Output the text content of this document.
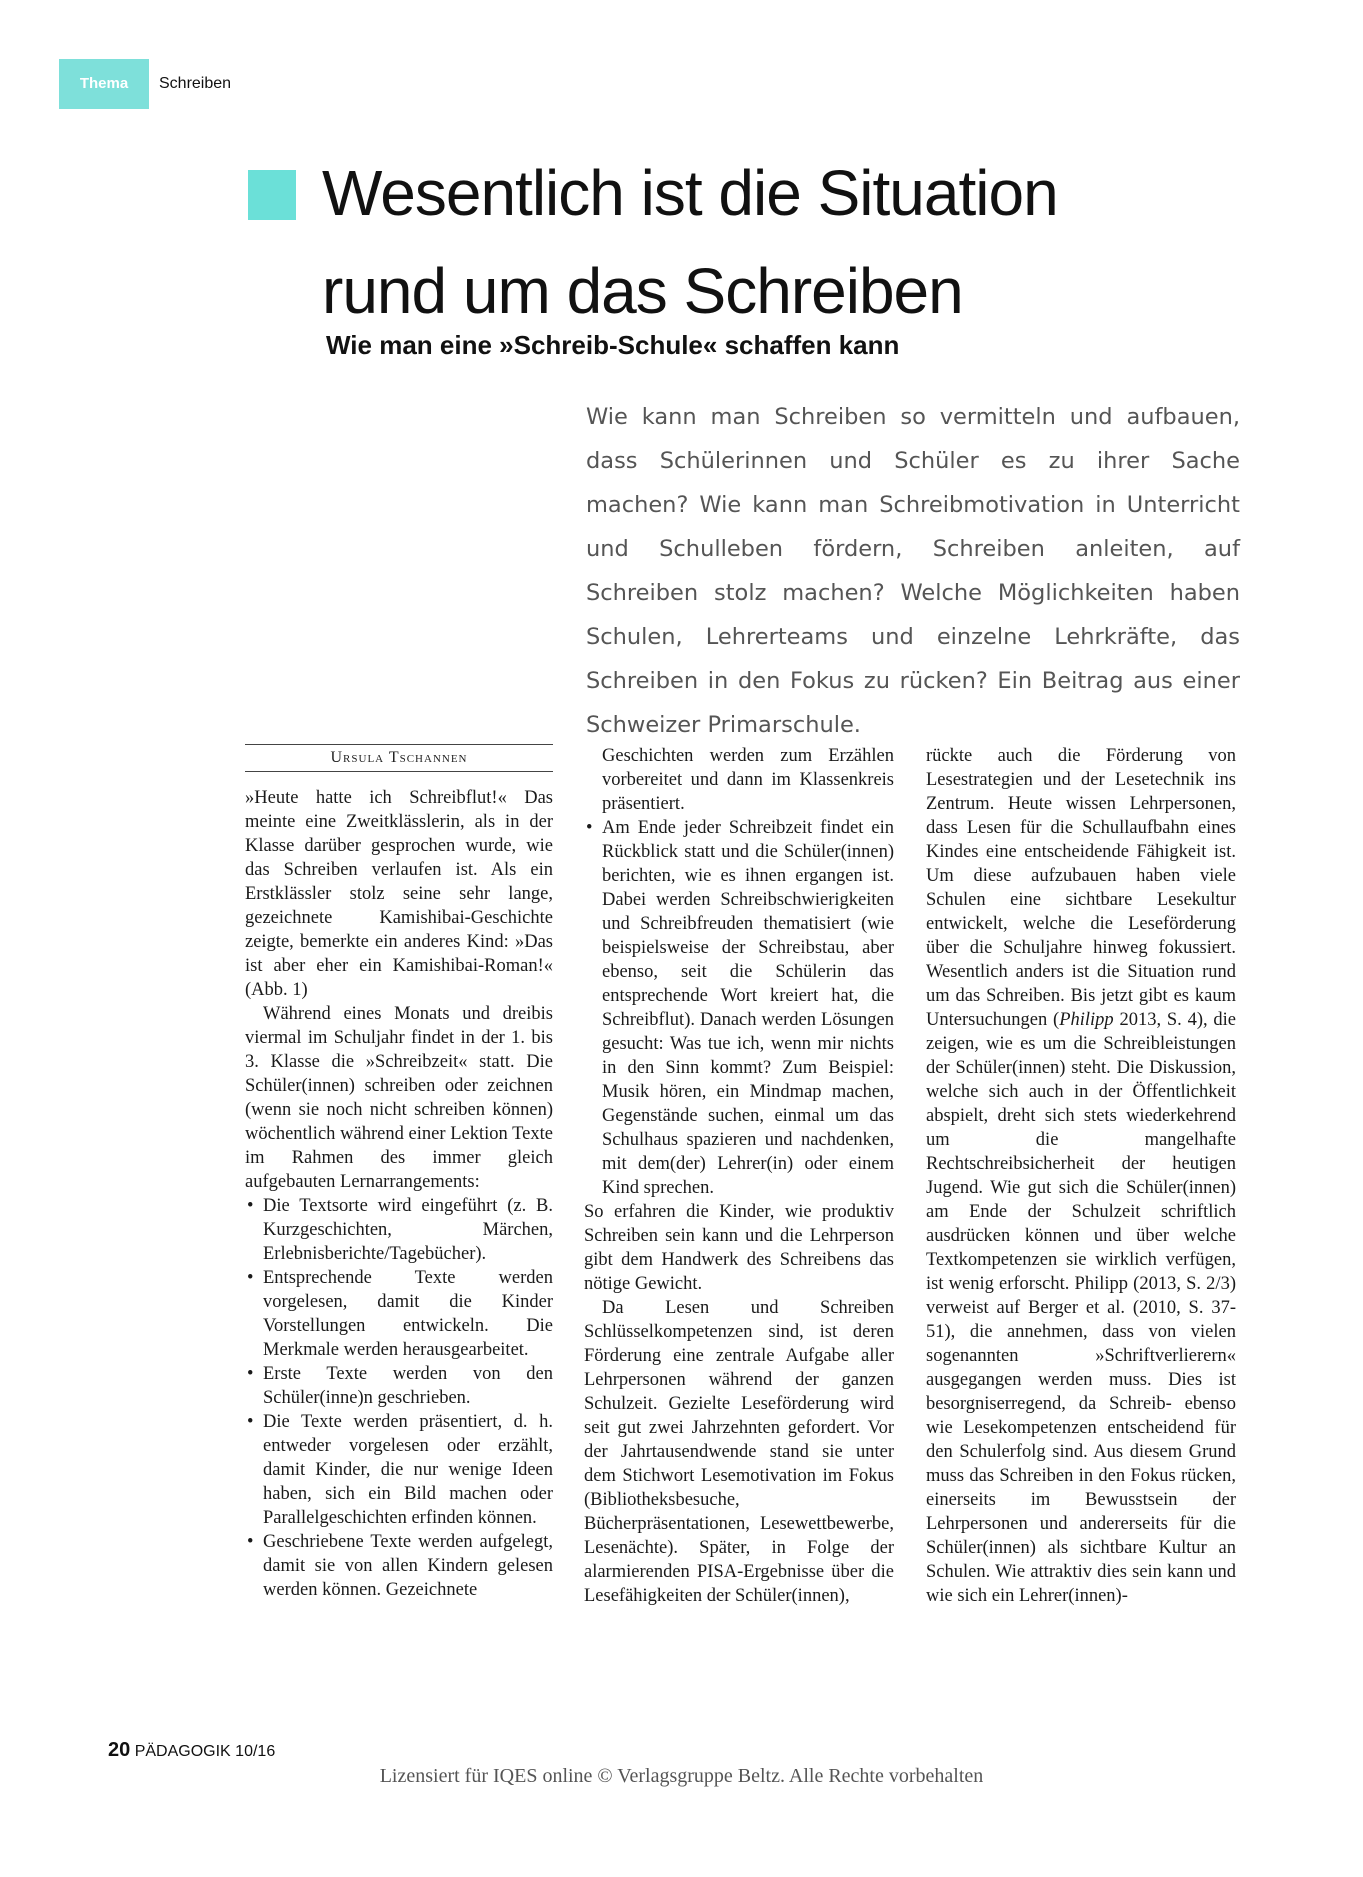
Thema	Schreiben
Wesentlich ist die Situation
rund um das Schreiben
Wie man eine »Schreib-Schule« schaffen kann
Wie kann man Schreiben so vermitteln und aufbauen, dass Schülerinnen und Schüler es zu ihrer Sache machen? Wie kann man Schreibmotivation in Unterricht und Schulleben fördern, Schreiben anleiten, auf Schreiben stolz machen? Welche Möglichkeiten haben Schulen, Lehrerteams und einzelne Lehrkräfte, das Schreiben in den Fokus zu rücken? Ein Beitrag aus einer Schweizer Primarschule.
Ursula Tschannen

»Heute hatte ich Schreibflut!« Das meinte eine Zweitklässlerin, als in der Klasse darüber gesprochen wurde, wie das Schreiben verlaufen ist. Als ein Erstklässler stolz seine sehr lange, gezeichnete Kamishibai-Geschichte zeigte, bemerkte ein anderes Kind: »Das ist aber eher ein Kamishibai-Roman!« (Abb. 1)

Während eines Monats und dreibis viermal im Schuljahr findet in der 1. bis 3. Klasse die »Schreibzeit« statt. Die Schüler(innen) schreiben oder zeichnen (wenn sie noch nicht schreiben können) wöchentlich während einer Lektion Texte im Rahmen des immer gleich aufgebauten Lernarrangements:

• Die Textsorte wird eingeführt (z. B. Kurzgeschichten, Märchen, Erlebnisberichte/Tagebücher).
• Entsprechende Texte werden vorgelesen, damit die Kinder Vorstellungen entwickeln. Die Merkmale werden herausgearbeitet.
• Erste Texte werden von den Schüler(inne)n geschrieben.
• Die Texte werden präsentiert, d. h. entweder vorgelesen oder erzählt, damit Kinder, die nur wenige Ideen haben, sich ein Bild machen oder Parallelgeschichten erfinden können.
• Geschriebene Texte werden aufgelegt, damit sie von allen Kindern gelesen werden können. Gezeichnete

Geschichten werden zum Erzählen vorbereitet und dann im Klassenkreis präsentiert.

• Am Ende jeder Schreibzeit findet ein Rückblick statt und die Schüler(innen) berichten, wie es ihnen ergangen ist. Dabei werden Schreibschwierigkeiten und Schreibfreuden thematisiert (wie beispielsweise der Schreibstau, aber ebenso, seit die Schülerin das entsprechende Wort kreiert hat, die Schreibflut). Danach werden Lösungen gesucht: Was tue ich, wenn mir nichts in den Sinn kommt? Zum Beispiel: Musik hören, ein Mindmap machen, Gegenstände suchen, einmal um das Schulhaus spazieren und nachdenken, mit dem(der) Lehrer(in) oder einem Kind sprechen.

So erfahren die Kinder, wie produktiv Schreiben sein kann und die Lehrperson gibt dem Handwerk des Schreibens das nötige Gewicht.

Da Lesen und Schreiben Schlüsselkompetenzen sind, ist deren Förderung eine zentrale Aufgabe aller Lehrpersonen während der ganzen Schulzeit. Gezielte Leseförderung wird seit gut zwei Jahrzehnten gefordert. Vor der Jahrtausendwende stand sie unter dem Stichwort Lesemotivation im Fokus (Bibliotheksbesuche, Bücherpräsentationen, Lesewettbewerbe, Lesenächte). Später, in Folge der alarmierenden PISA-Ergebnisse über die Lesefähigkeiten der Schüler(innen),

rückte auch die Förderung von Lesestrategien und der Lesetechnik ins Zentrum. Heute wissen Lehrpersonen, dass Lesen für die Schullaufbahn eines Kindes eine entscheidende Fähigkeit ist. Um diese aufzubauen haben viele Schulen eine sichtbare Lesekultur entwickelt, welche die Leseförderung über die Schuljahre hinweg fokussiert. Wesentlich anders ist die Situation rund um das Schreiben. Bis jetzt gibt es kaum Untersuchungen (Philipp 2013, S. 4), die zeigen, wie es um die Schreibleistungen der Schüler(innen) steht. Die Diskussion, welche sich auch in der Öffentlichkeit abspielt, dreht sich stets wiederkehrend um die mangelhafte Rechtschreibsicherheit der heutigen Jugend. Wie gut sich die Schüler(innen) am Ende der Schulzeit schriftlich ausdrücken können und über welche Textkompetenzen sie wirklich verfügen, ist wenig erforscht. Philipp (2013, S. 2/3) verweist auf Berger et al. (2010, S. 37-51), die annehmen, dass von vielen sogenannten »Schriftverlierern« ausgegangen werden muss. Dies ist besorgniserregend, da Schreib- ebenso wie Lesekompetenzen entscheidend für den Schulerfolg sind. Aus diesem Grund muss das Schreiben in den Fokus rücken, einerseits im Bewusstsein der Lehrpersonen und andererseits für die Schüler(innen) als sichtbare Kultur an Schulen. Wie attraktiv dies sein kann und wie sich ein Lehrer(innen)-

20 PÄDAGOGIK 10/16
Lizensiert für IQES online © Verlagsgruppe Beltz. Alle Rechte vorbehalten
